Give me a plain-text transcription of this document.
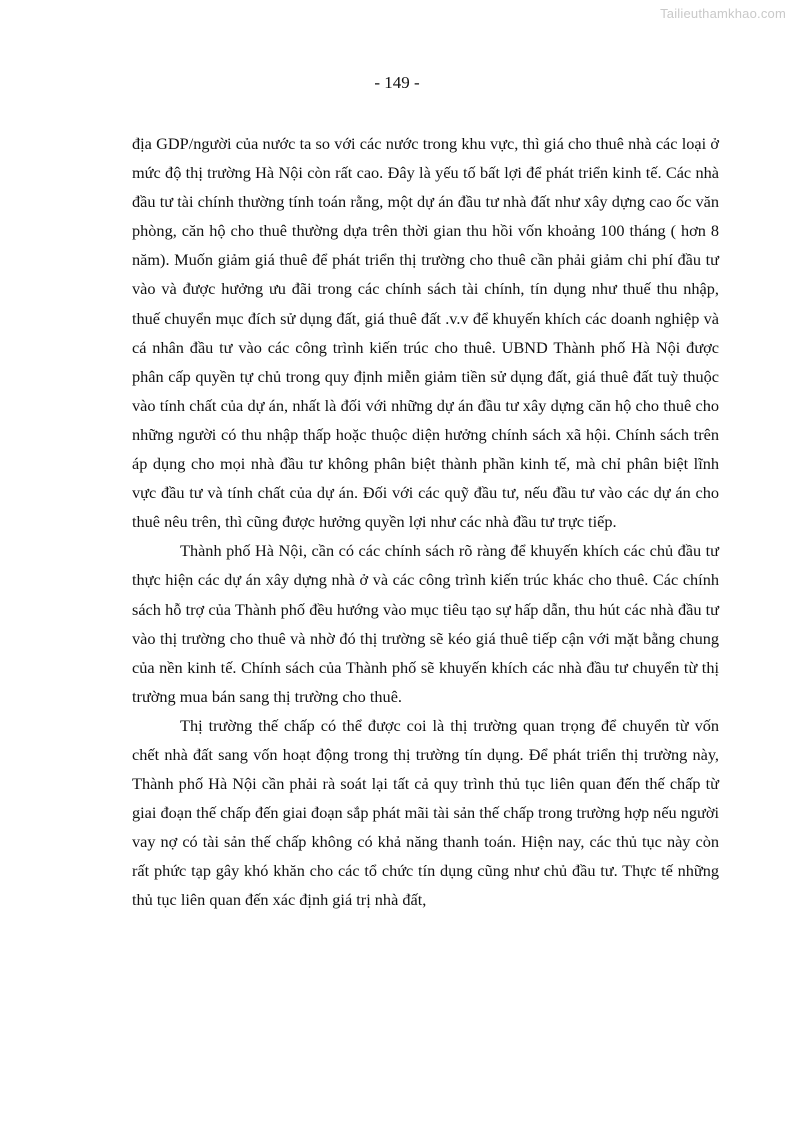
Tailieuthamkhao.com
- 149 -

địa GDP/người của nước ta so với các nước trong khu vực, thì giá cho thuê nhà các loại ở mức độ thị trường Hà Nội còn rất cao. Đây là yếu tố bất lợi để phát triển kinh tế. Các nhà đầu tư tài chính thường tính toán rằng, một dự án đầu tư nhà đất như xây dựng cao ốc văn phòng, căn hộ cho thuê thường dựa trên thời gian thu hồi vốn khoảng 100 tháng ( hơn 8 năm). Muốn giảm giá thuê để phát triển thị trường cho thuê cần phải giảm chi phí đầu tư vào và được hưởng ưu đãi trong các chính sách tài chính, tín dụng như thuế thu nhập, thuế chuyển mục đích sử dụng đất, giá thuê đất .v.v để khuyến khích các doanh nghiệp và cá nhân đầu tư vào các công trình kiến trúc cho thuê. UBND Thành phố Hà Nội được phân cấp quyền tự chủ trong quy định miễn giảm tiền sử dụng đất, giá thuê đất tuỳ thuộc vào tính chất của dự án, nhất là đối với những dự án đầu tư xây dựng căn hộ cho thuê cho những người có thu nhập thấp hoặc thuộc diện hưởng chính sách xã hội. Chính sách trên áp dụng cho mọi nhà đầu tư không phân biệt thành phần kinh tế, mà chỉ phân biệt lĩnh vực đầu tư và tính chất của dự án. Đối với các quỹ đầu tư, nếu đầu tư vào các dự án cho thuê nêu trên, thì cũng được hưởng quyền lợi như các nhà đầu tư trực tiếp.

Thành phố Hà Nội, cần có các chính sách rõ ràng để khuyến khích các chủ đầu tư thực hiện các dự án xây dựng nhà ở và các công trình kiến trúc khác cho thuê. Các chính sách hỗ trợ của Thành phố đều hướng vào mục tiêu tạo sự hấp dẫn, thu hút các nhà đầu tư vào thị trường cho thuê và nhờ đó thị trường sẽ kéo giá thuê tiếp cận với mặt bằng chung của nền kinh tế. Chính sách của Thành phố sẽ khuyến khích các nhà đầu tư chuyển từ thị trường mua bán sang thị trường cho thuê.

Thị trường thế chấp có thể được coi là thị trường quan trọng để chuyển từ vốn chết nhà đất sang vốn hoạt động trong thị trường tín dụng. Để phát triển thị trường này, Thành phố Hà Nội cần phải rà soát lại tất cả quy trình thủ tục liên quan đến thế chấp từ giai đoạn thế chấp đến giai đoạn sắp phát mãi tài sản thế chấp trong trường hợp nếu người vay nợ có tài sản thế chấp không có khả năng thanh toán. Hiện nay, các thủ tục này còn rất phức tạp gây khó khăn cho các tổ chức tín dụng cũng như chủ đầu tư. Thực tế những thủ tục liên quan đến xác định giá trị nhà đất,
